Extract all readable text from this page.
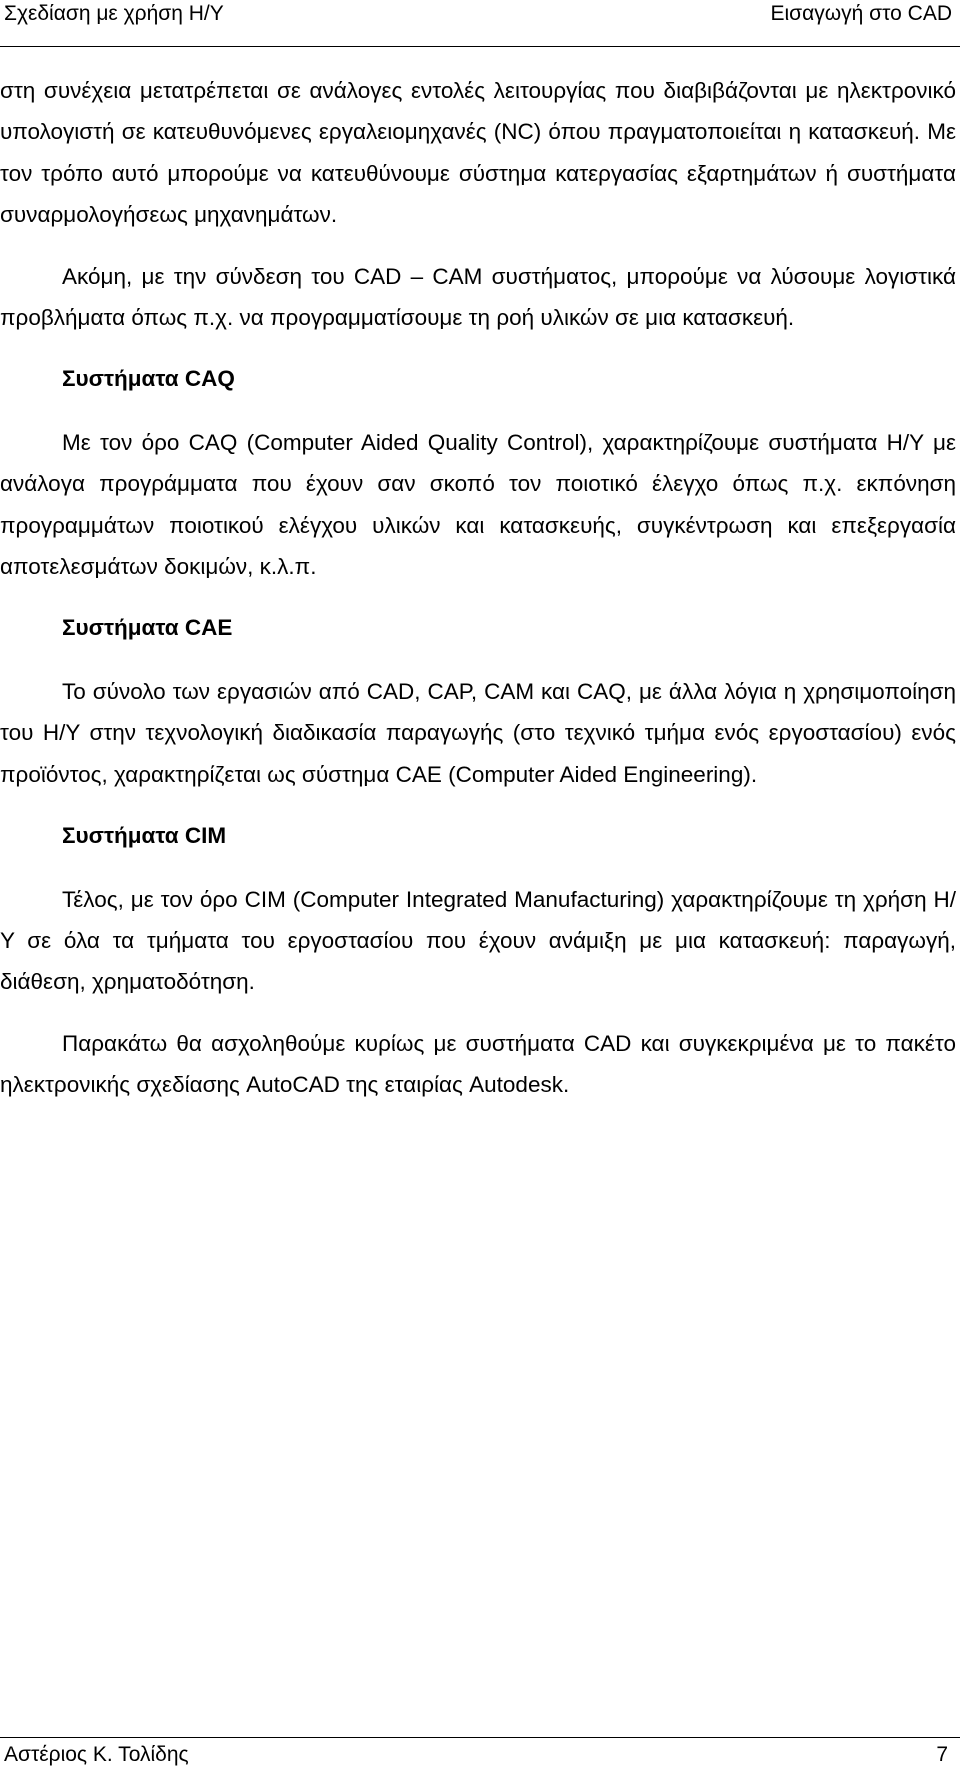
Σχεδίαση με χρήση Η/Υ	Εισαγωγή στο CAD

στη συνέχεια μετατρέπεται σε ανάλογες εντολές λειτουργίας που διαβιβάζονται με ηλεκτρονικό υπολογιστή σε κατευθυνόμενες εργαλειομηχανές (NC) όπου πραγματοποιείται η κατασκευή. Με τον τρόπο αυτό μπορούμε να κατευθύνουμε σύστημα κατεργασίας εξαρτημάτων ή συστήματα συναρμολογήσεως μηχανημάτων.

Ακόμη, με την σύνδεση του CAD – CAM συστήματος, μπορούμε να λύσουμε λογιστικά προβλήματα όπως π.χ. να προγραμματίσουμε τη ροή υλικών σε μια κατασκευή.

Συστήματα CAQ

Με τον όρο CAQ (Computer Aided Quality Control), χαρακτηρίζουμε συστήματα Η/Υ με ανάλογα προγράμματα που έχουν σαν σκοπό τον ποιοτικό έλεγχο όπως π.χ. εκπόνηση προγραμμάτων ποιοτικού ελέγχου υλικών και κατασκευής, συγκέντρωση και επεξεργασία αποτελεσμάτων δοκιμών, κ.λ.π.

Συστήματα CAE

Το σύνολο των εργασιών από CAD, CAP, CAM και CAQ, με άλλα λόγια η χρησιμοποίηση του Η/Υ στην τεχνολογική διαδικασία παραγωγής (στο τεχνικό τμήμα ενός εργοστασίου) ενός προϊόντος, χαρακτηρίζεται ως σύστημα CAE (Computer Aided Engineering).

Συστήματα CIM

Τέλος, με τον όρο CIM (Computer Integrated Manufacturing) χαρακτηρίζουμε τη χρήση Η/Υ σε όλα τα τμήματα του εργοστασίου που έχουν ανάμιξη με μια κατασκευή: παραγωγή, διάθεση, χρηματοδότηση.

Παρακάτω θα ασχοληθούμε κυρίως με συστήματα CAD και συγκεκριμένα με το πακέτο ηλεκτρονικής σχεδίασης AutoCAD της εταιρίας Autodesk.

Αστέριος Κ. Τολίδης	7
